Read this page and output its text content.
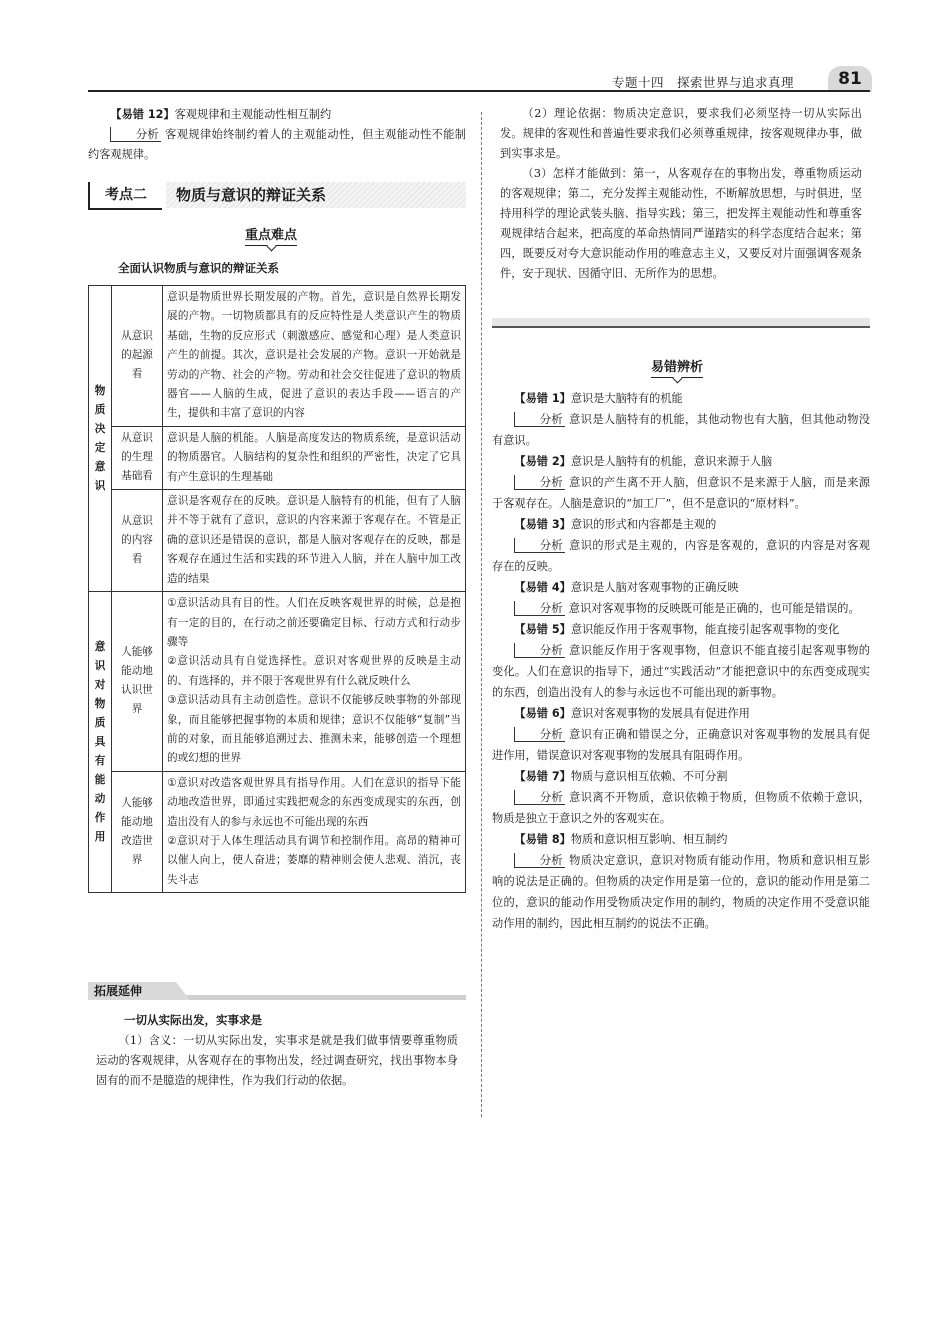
专题十四　探索世界与追求真理	81

【易错 12】客观规律和主观能动性相互制约

分析 客观规律始终制约着人的主观能动性，但主观能动性不能制约客观规律。

考点二	物质与意识的辩证关系
重点难点
全面认识物质与意识的辩证关系
物质决定意识	从意识的起源看	意识是物质世界长期发展的产物。首先，意识是自然界长期发展的产物。一切物质都具有的反应特性是人类意识产生的物质基础，生物的反应形式（刺激感应、感觉和心理）是人类意识产生的前提。其次，意识是社会发展的产物。意识一开始就是劳动的产物、社会的产物。劳动和社会交往促进了意识的物质器官——人脑的生成，促进了意识的表达手段——语言的产生，提供和丰富了意识的内容
	从意识的生理基础看	意识是人脑的机能。人脑是高度发达的物质系统，是意识活动的物质器官。人脑结构的复杂性和组织的严密性，决定了它具有产生意识的生理基础
	从意识的内容看	意识是客观存在的反映。意识是人脑特有的机能，但有了人脑并不等于就有了意识，意识的内容来源于客观存在。不管是正确的意识还是错误的意识，都是人脑对客观存在的反映，都是客观存在通过生活和实践的环节进入人脑，并在人脑中加工改造的结果
意识对物质具有能动作用	人能够能动地认识世界	①意识活动具有目的性。人们在反映客观世界的时候，总是抱有一定的目的，在行动之前还要确定目标、行动方式和行动步骤等
②意识活动具有自觉选择性。意识对客观世界的反映是主动的、有选择的，并不限于客观世界有什么就反映什么
③意识活动具有主动创造性。意识不仅能够反映事物的外部现象，而且能够把握事物的本质和规律；意识不仅能够“复制”当前的对象，而且能够追溯过去、推测未来，能够创造一个理想的或幻想的世界
	人能够能动地改造世界	①意识对改造客观世界具有指导作用。人们在意识的指导下能动地改造世界，即通过实践把观念的东西变成现实的东西，创造出没有人的参与永远也不可能出现的东西
②意识对于人体生理活动具有调节和控制作用。高昂的精神可以催人向上，使人奋进；萎靡的精神则会使人悲观、消沉，丧失斗志
拓展延伸
一切从实际出发，实事求是

（1）含义：一切从实际出发，实事求是就是我们做事情要尊重物质运动的客观规律，从客观存在的事物出发，经过调查研究，找出事物本身固有的而不是臆造的规律性，作为我们行动的依据。

（2）理论依据：物质决定意识，要求我们必须坚持一切从实际出发。规律的客观性和普遍性要求我们必须尊重规律，按客观规律办事，做到实事求是。

（3）怎样才能做到：第一，从客观存在的事物出发，尊重物质运动的客观规律；第二，充分发挥主观能动性，不断解放思想，与时俱进，坚持用科学的理论武装头脑、指导实践；第三，把发挥主观能动性和尊重客观规律结合起来，把高度的革命热情同严谨踏实的科学态度结合起来；第四，既要反对夸大意识能动作用的唯意志主义，又要反对片面强调客观条件，安于现状、因循守旧、无所作为的思想。

易错辨析

【易错 1】意识是大脑特有的机能

分析 意识是人脑特有的机能，其他动物也有大脑，但其他动物没有意识。

【易错 2】意识是人脑特有的机能，意识来源于人脑

分析 意识的产生离不开人脑，但意识不是来源于人脑，而是来源于客观存在。人脑是意识的“加工厂”，但不是意识的“原材料”。

【易错 3】意识的形式和内容都是主观的

分析 意识的形式是主观的，内容是客观的，意识的内容是对客观存在的反映。

【易错 4】意识是人脑对客观事物的正确反映

分析 意识对客观事物的反映既可能是正确的，也可能是错误的。

【易错 5】意识能反作用于客观事物，能直接引起客观事物的变化

分析 意识能反作用于客观事物，但意识不能直接引起客观事物的变化。人们在意识的指导下，通过“实践活动”才能把意识中的东西变成现实的东西，创造出没有人的参与永远也不可能出现的新事物。

【易错 6】意识对客观事物的发展具有促进作用

分析 意识有正确和错误之分，正确意识对客观事物的发展具有促进作用，错误意识对客观事物的发展具有阻碍作用。

【易错 7】物质与意识相互依赖、不可分割

分析 意识离不开物质，意识依赖于物质，但物质不依赖于意识，物质是独立于意识之外的客观实在。

【易错 8】物质和意识相互影响、相互制约

分析 物质决定意识，意识对物质有能动作用，物质和意识相互影响的说法是正确的。但物质的决定作用是第一位的，意识的能动作用是第二位的，意识的能动作用受物质决定作用的制约，物质的决定作用不受意识能动作用的制约，因此相互制约的说法不正确。
